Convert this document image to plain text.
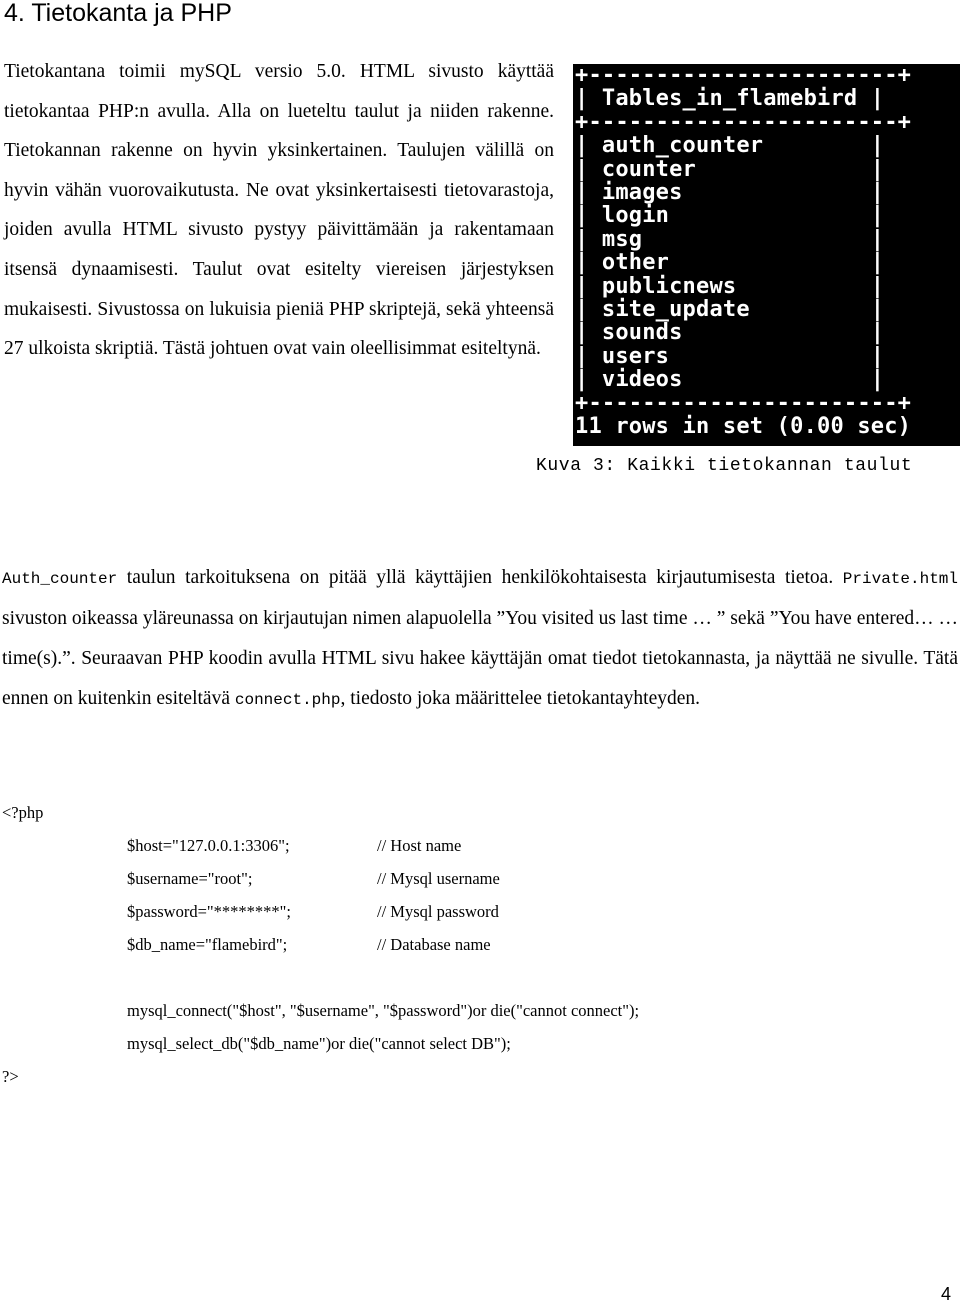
4. Tietokanta ja PHP

Tietokantana toimii mySQL versio 5.0. HTML sivusto käyttää tietokantaa PHP:n avulla. Alla on lueteltu taulut ja niiden rakenne. Tietokannan rakenne on hyvin yksinkertainen. Taulujen välillä on hyvin vähän vuorovaikutusta. Ne ovat yksinkertaisesti tietovarastoja, joiden avulla HTML sivusto pystyy päivittämään ja rakentamaan itsensä dynaamisesti. Taulut ovat esitelty viereisen järjestyksen mukaisesti. Sivustossa on lukuisia pieniä PHP skriptejä, sekä yhteensä 27 ulkoista skriptiä. Tästä johtuen ovat vain oleellisimmat esiteltynä.

+-----------------------+
| Tables_in_flamebird |
+-----------------------+
| auth_counter        |
| counter             |
| images              |
| login               |
| msg                 |
| other               |
| publicnews          |
| site_update         |
| sounds              |
| users               |
| videos              |
+-----------------------+
11 rows in set (0.00 sec)
Kuva 3: Kaikki tietokannan taulut

Auth_counter taulun tarkoituksena on pitää yllä käyttäjien henkilökohtaisesta kirjautumisesta tietoa. Private.html sivuston oikeassa yläreunassa on kirjautujan nimen alapuolella ”You visited us last time … ” sekä ”You have entered… …time(s).”. Seuraavan PHP koodin avulla HTML sivu hakee käyttäjän omat tiedot tietokannasta, ja näyttää ne sivulle. Tätä ennen on kuitenkin esiteltävä connect.php, tiedosto joka määrittelee tietokantayhteyden.

<?php
$host="127.0.0.1:3306";	// Host name
$username="root";	// Mysql username
$password="********";	// Mysql password
$db_name="flamebird";	// Database name
mysql_connect("$host", "$username", "$password")or die("cannot connect");
mysql_select_db("$db_name")or die("cannot select DB");
?>
4
